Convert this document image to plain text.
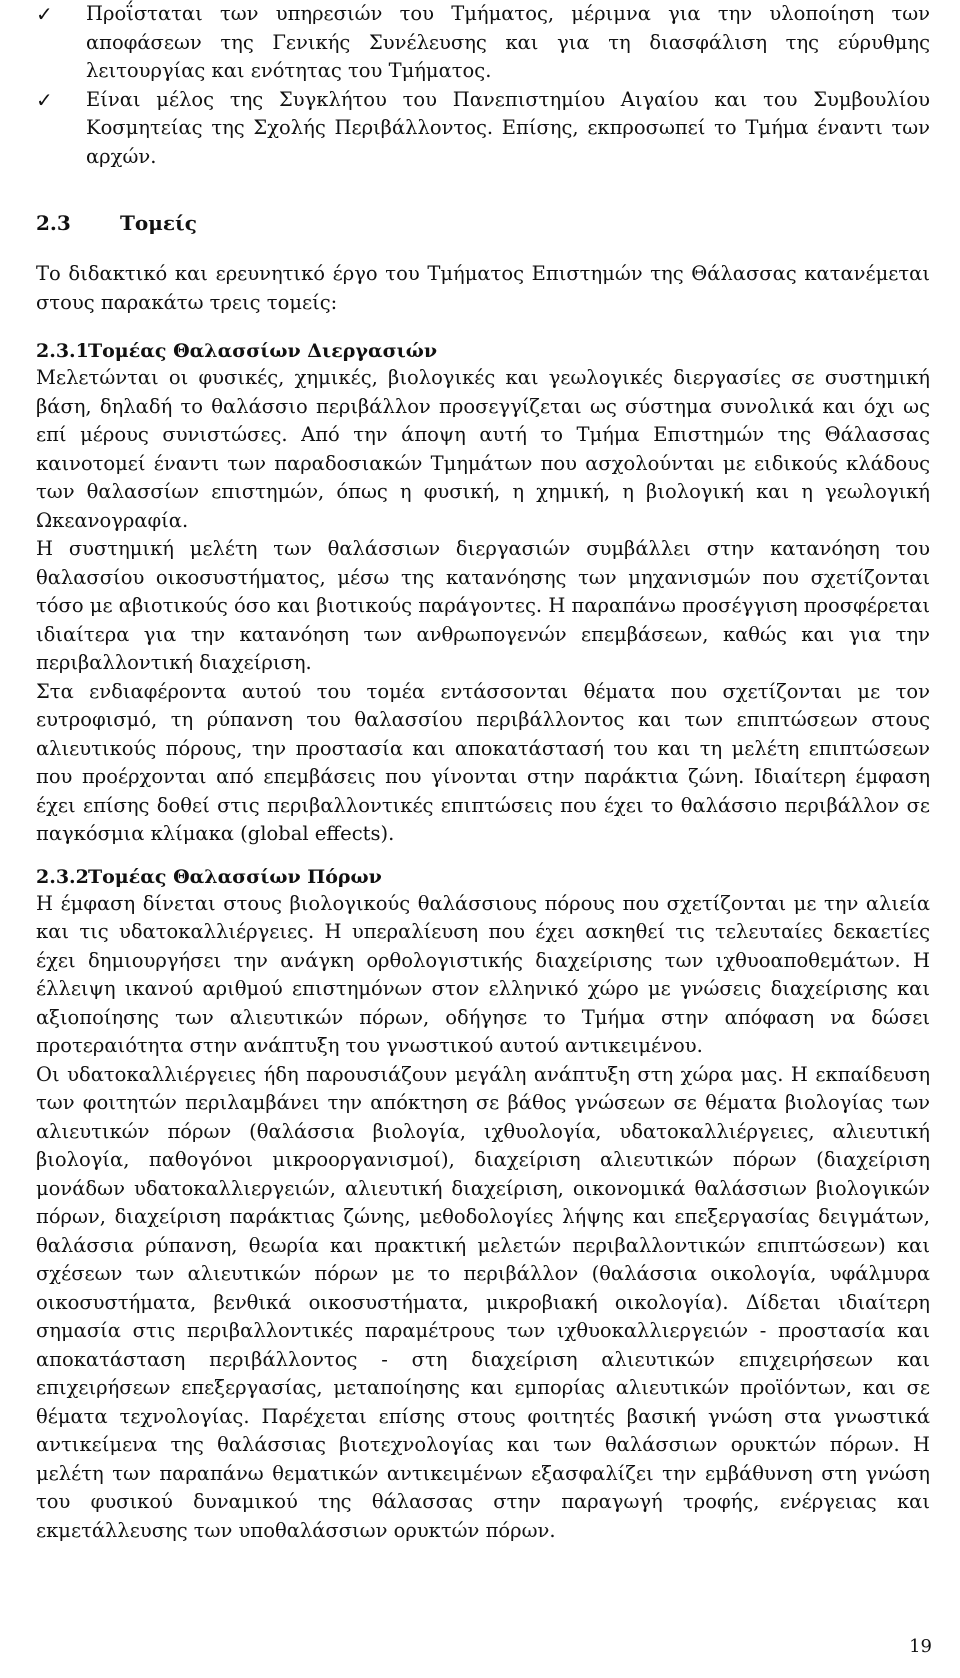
✓ Προΐσταται των υπηρεσιών του Τμήματος, μέριμνα για την υλοποίηση των αποφάσεων της Γενικής Συνέλευσης και για τη διασφάλιση της εύρυθμης λειτουργίας και ενότητας του Τμήματος.
✓ Είναι μέλος της Συγκλήτου του Πανεπιστημίου Αιγαίου και του Συμβουλίου Κοσμητείας της Σχολής Περιβάλλοντος. Επίσης, εκπροσωπεί το Τμήμα έναντι των αρχών.
2.3 Τομείς

Το διδακτικό και ερευνητικό έργο του Τμήματος Επιστημών της Θάλασσας κατανέμεται στους παρακάτω τρεις τομείς:

2.3.1Τομέας Θαλασσίων Διεργασιών

Μελετώνται οι φυσικές, χημικές, βιολογικές και γεωλογικές διεργασίες σε συστημική βάση, δηλαδή το θαλάσσιο περιβάλλον προσεγγίζεται ως σύστημα συνολικά και όχι ως επί μέρους συνιστώσες. Από την άποψη αυτή το Τμήμα Επιστημών της Θάλασσας καινοτομεί έναντι των παραδοσιακών Τμημάτων που ασχολούνται με ειδικούς κλάδους των θαλασσίων επιστημών, όπως η φυσική, η χημική, η βιολογική και η γεωλογική Ωκεανογραφία.

Η συστημική μελέτη των θαλάσσιων διεργασιών συμβάλλει στην κατανόηση του θαλασσίου οικοσυστήματος, μέσω της κατανόησης των μηχανισμών που σχετίζονται τόσο με αβιοτικούς όσο και βιοτικούς παράγοντες. Η παραπάνω προσέγγιση προσφέρεται ιδιαίτερα για την κατανόηση των ανθρωπογενών επεμβάσεων, καθώς και για την περιβαλλοντική διαχείριση.

Στα ενδιαφέροντα αυτού του τομέα εντάσσονται θέματα που σχετίζονται με τον ευτροφισμό, τη ρύπανση του θαλασσίου περιβάλλοντος και των επιπτώσεων στους αλιευτικούς πόρους, την προστασία και αποκατάστασή του και τη μελέτη επιπτώσεων που προέρχονται από επεμβάσεις που γίνονται στην παράκτια ζώνη. Ιδιαίτερη έμφαση έχει επίσης δοθεί στις περιβαλλοντικές επιπτώσεις που έχει το θαλάσσιο περιβάλλον σε παγκόσμια κλίμακα (global effects).

2.3.2Τομέας Θαλασσίων Πόρων

Η έμφαση δίνεται στους βιολογικούς θαλάσσιους πόρους που σχετίζονται με την αλιεία και τις υδατοκαλλιέργειες. Η υπεραλίευση που έχει ασκηθεί τις τελευταίες δεκαετίες έχει δημιουργήσει την ανάγκη ορθολογιστικής διαχείρισης των ιχθυοαποθεμάτων. Η έλλειψη ικανού αριθμού επιστημόνων στον ελληνικό χώρο με γνώσεις διαχείρισης και αξιοποίησης των αλιευτικών πόρων, οδήγησε το Τμήμα στην απόφαση να δώσει προτεραιότητα στην ανάπτυξη του γνωστικού αυτού αντικειμένου.

Οι υδατοκαλλιέργειες ήδη παρουσιάζουν μεγάλη ανάπτυξη στη χώρα μας. Η εκπαίδευση των φοιτητών περιλαμβάνει την απόκτηση σε βάθος γνώσεων σε θέματα βιολογίας των αλιευτικών πόρων (θαλάσσια βιολογία, ιχθυολογία, υδατοκαλλιέργειες, αλιευτική βιολογία, παθογόνοι μικροοργανισμοί), διαχείριση αλιευτικών πόρων (διαχείριση μονάδων υδατοκαλλιεργειών, αλιευτική διαχείριση, οικονομικά θαλάσσιων βιολογικών πόρων, διαχείριση παράκτιας ζώνης, μεθοδολογίες λήψης και επεξεργασίας δειγμάτων, θαλάσσια ρύπανση, θεωρία και πρακτική μελετών περιβαλλοντικών επιπτώσεων) και σχέσεων των αλιευτικών πόρων με το περιβάλλον (θαλάσσια οικολογία, υφάλμυρα οικοσυστήματα, βενθικά οικοσυστήματα, μικροβιακή οικολογία). Δίδεται ιδιαίτερη σημασία στις περιβαλλοντικές παραμέτρους των ιχθυοκαλλιεργειών - προστασία και αποκατάσταση περιβάλλοντος - στη διαχείριση αλιευτικών επιχειρήσεων και επιχειρήσεων επεξεργασίας, μεταποίησης και εμπορίας αλιευτικών προϊόντων, και σε θέματα τεχνολογίας. Παρέχεται επίσης στους φοιτητές βασική γνώση στα γνωστικά αντικείμενα της θαλάσσιας βιοτεχνολογίας και των θαλάσσιων ορυκτών πόρων. Η μελέτη των παραπάνω θεματικών αντικειμένων εξασφαλίζει την εμβάθυνση στη γνώση του φυσικού δυναμικού της θάλασσας στην παραγωγή τροφής, ενέργειας και εκμετάλλευσης των υποθαλάσσιων ορυκτών πόρων.

19
